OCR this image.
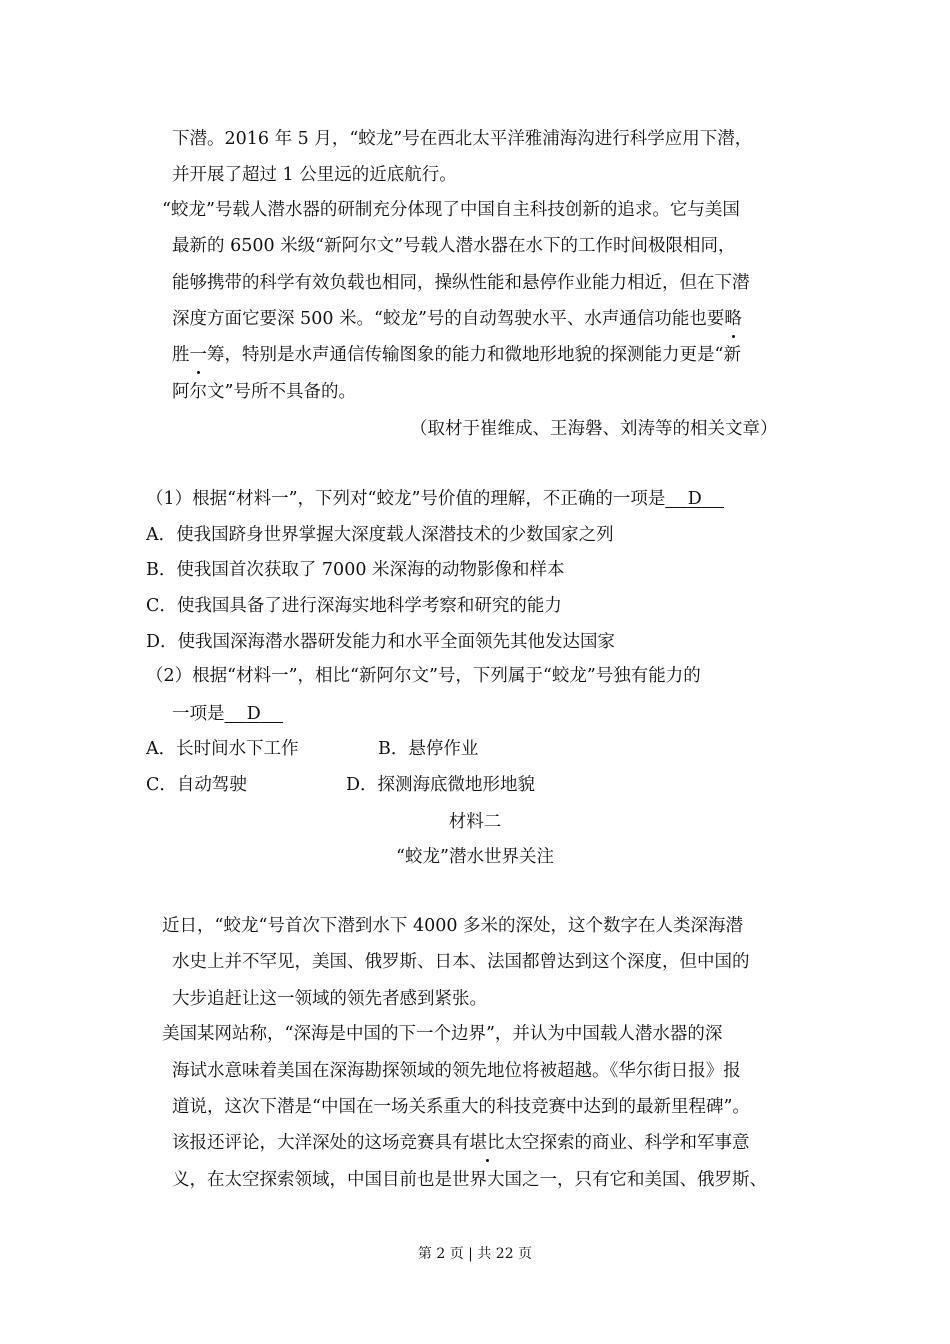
下潜。2016 年 5 月，“蛟龙”号在西北太平洋雅浦海沟进行科学应用下潜，
并开展了超过 1 公里远的近底航行。
“蛟龙”号载人潜水器的研制充分体现了中国自主科技创新的追求。它与美国
最新的 6500 米级“新阿尔文”号载人潜水器在水下的工作时间极限相同，
能够携带的科学有效负载也相同，操纵性能和悬停作业能力相近，但在下潜
深度方面它要深 500 米。“蛟龙”号的自动驾驶水平、水声通信功能也要略
胜一筹，特别是水声通信传输图象的能力和微地形地貌的探测能力更是“新
阿尔文”号所不具备的。
（取材于崔维成、王海磐、刘涛等的相关文章）
（1）根据“材料一”，下列对“蛟龙”号价值的理解，不正确的一项是 D
A．使我国跻身世界掌握大深度载人深潜技术的少数国家之列
B．使我国首次获取了 7000 米深海的动物影像和样本
C．使我国具备了进行深海实地科学考察和研究的能力
D．使我国深海潜水器研发能力和水平全面领先其他发达国家
（2）根据“材料一”，相比“新阿尔文”号，下列属于“蛟龙”号独有能力的
一项是 D
A．长时间水下工作	B．悬停作业
C．自动驾驶	D．探测海底微地形地貌
材料二
“蛟龙”潜水世界关注
近日，“蛟龙“号首次下潜到水下 4000 多米的深处，这个数字在人类深海潜
水史上并不罕见，美国、俄罗斯、日本、法国都曾达到这个深度，但中国的
大步追赶让这一领域的领先者感到紧张。
美国某网站称，“深海是中国的下一个边界”，并认为中国载人潜水器的深
海试水意味着美国在深海勘探领域的领先地位将被超越。《华尔街日报》报
道说，这次下潜是“中国在一场关系重大的科技竞赛中达到的最新里程碑”。
该报还评论，大洋深处的这场竞赛具有堪比太空探索的商业、科学和军事意
义，在太空探索领域，中国目前也是世界大国之一，只有它和美国、俄罗斯、
第 2 页 | 共 22 页
